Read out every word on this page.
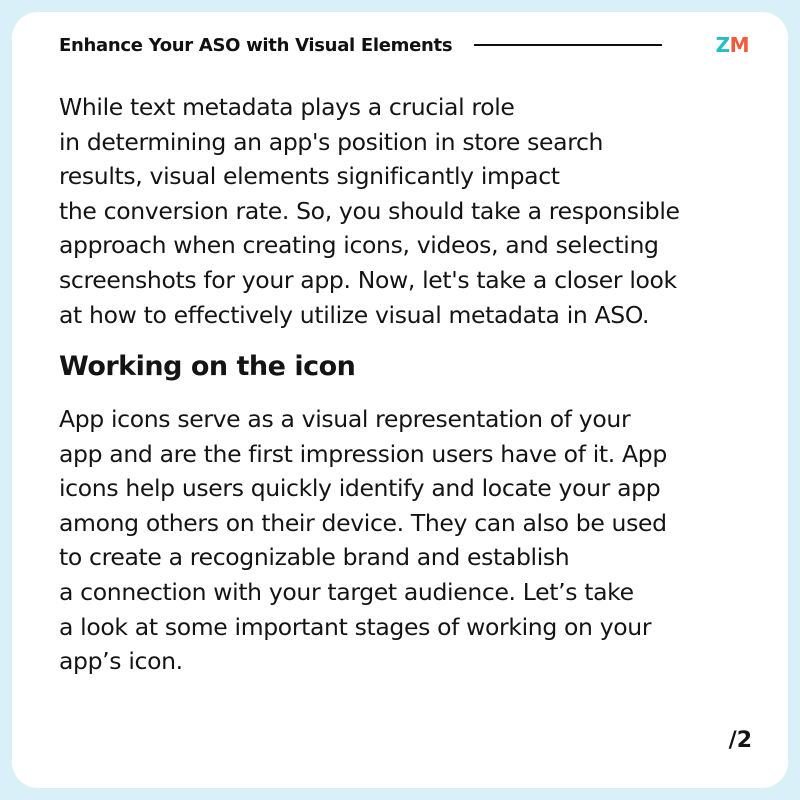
Enhance Your ASO with Visual Elements	ZM
While text metadata plays a crucial role
in determining an app's position in store search
results, visual elements significantly impact
the conversion rate. So, you should take a responsible
approach when creating icons, videos, and selecting
screenshots for your app. Now, let's take a closer look
at how to effectively utilize visual metadata in ASO.
Working on the icon
App icons serve as a visual representation of your
app and are the first impression users have of it. App
icons help users quickly identify and locate your app
among others on their device. They can also be used
to create a recognizable brand and establish
a connection with your target audience. Let’s take
a look at some important stages of working on your
app’s icon.
/2
